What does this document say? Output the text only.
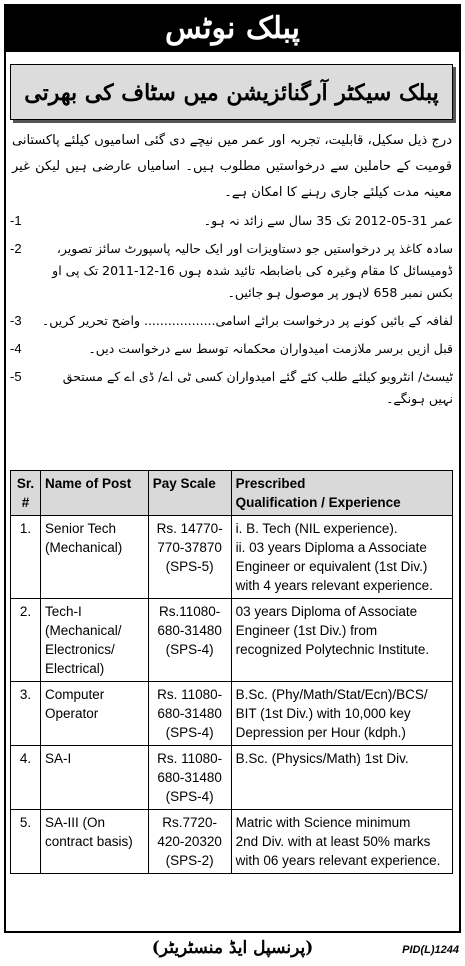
پبلک نوٹس
پبلک سیکٹر آرگنائزیشن میں سٹاف کی بھرتی

درج ذیل سکیل، قابلیت، تجربہ اور عمر میں نیچے دی گئی اسامیوں کیلئے پاکستانی قومیت کے حاملین سے درخواستیں مطلوب ہیں۔ اسامیاں عارضی ہیں لیکن غیر معینہ مدت کیلئے جاری رہنے کا امکان ہے۔

-1	عمر 31-05-2012 تک 35 سال سے زائد نہ ہو۔
-2	سادہ کاغذ پر درخواستیں جو دستاویزات اور ایک حالیہ پاسپورٹ سائز تصویر، ڈومیسائل کا مقام وغیرہ کی باضابطہ تائید شدہ ہوں 16-12-2011 تک پی او بکس نمبر 658 لاہور پر موصول ہو جائیں۔
-3	لفافہ کے بائیں کونے پر درخواست برائے اسامی.................. واضح تحریر کریں۔
-4	قبل ازیں برسر ملازمت امیدواران محکمانہ توسط سے درخواست دیں۔
-5	ٹیسٹ/ انٹرویو کیلئے طلب کئے گئے امیدواران کسی ٹی اے/ ڈی اے کے مستحق نہیں ہونگے۔
Sr. #	Name of Post	Pay Scale	Prescribed
Qualification / Experience

1.	Senior Tech
(Mechanical)	Rs. 14770-
770-37870
(SPS-5)	i. B. Tech (NIL experience).
ii. 03 years Diploma a Associate
Engineer or equivalent (1st Div.)
with 4 years relevant experience.

2.	Tech-I
(Mechanical/
Electronics/
Electrical)	Rs.11080-
680-31480
(SPS-4)	03 years Diploma of Associate
Engineer (1st Div.) from
recognized Polytechnic Institute.

3.	Computer
Operator	Rs. 11080-
680-31480
(SPS-4)	B.Sc. (Phy/Math/Stat/Ecn)/BCS/
BIT (1st Div.) with 10,000 key
Depression per Hour (kdph.)

4.	SA-I	Rs. 11080-
680-31480
(SPS-4)	B.Sc. (Physics/Math) 1st Div.

5.	SA-III (On
contract basis)	Rs.7720-
420-20320
(SPS-2)	Matric with Science minimum
2nd Div. with at least 50% marks
with 06 years relevant experience.
(پرنسپل ایڈ منسٹریٹر)	PID(L)1244
